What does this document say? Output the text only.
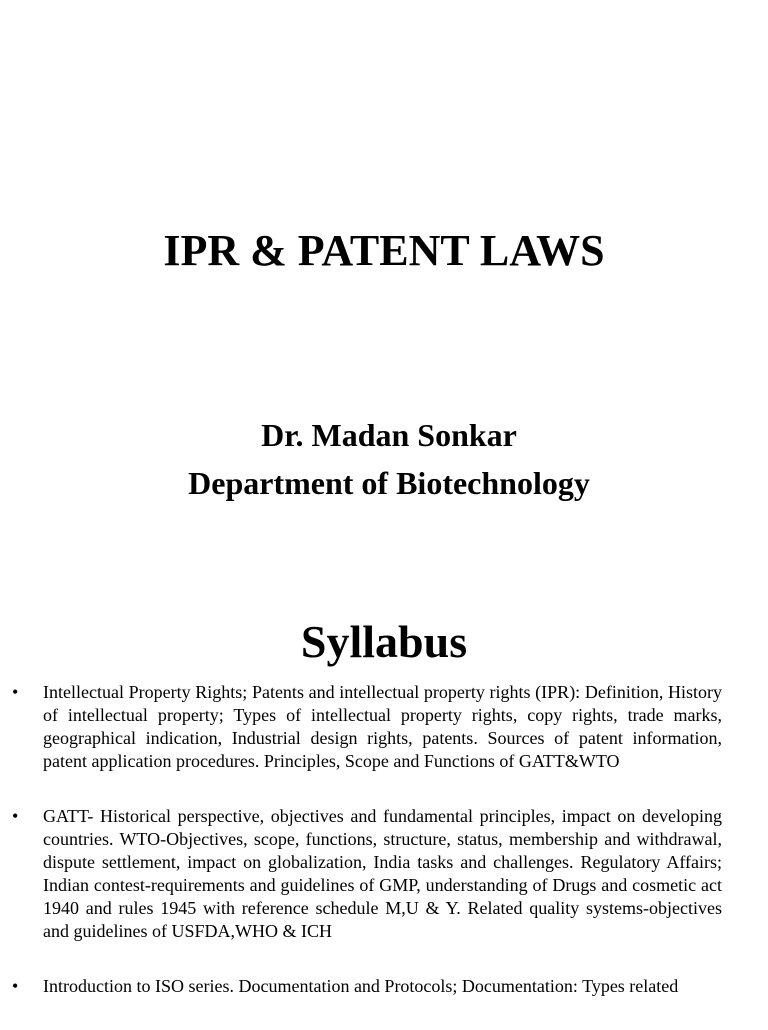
IPR & PATENT LAWS
Dr. Madan Sonkar
Department of Biotechnology
Syllabus
• Intellectual Property Rights; Patents and intellectual property rights (IPR): Definition, History of intellectual property; Types of intellectual property rights, copy rights, trade marks, geographical indication, Industrial design rights, patents. Sources of patent information, patent application procedures. Principles, Scope and Functions of GATT&WTO
• GATT- Historical perspective, objectives and fundamental principles, impact on developing countries. WTO-Objectives, scope, functions, structure, status, membership and withdrawal, dispute settlement, impact on globalization, India tasks and challenges. Regulatory Affairs; Indian contest-requirements and guidelines of GMP, understanding of Drugs and cosmetic act 1940 and rules 1945 with reference schedule M,U & Y. Related quality systems-objectives and guidelines of USFDA,WHO & ICH
• Introduction to ISO series. Documentation and Protocols; Documentation: Types related
